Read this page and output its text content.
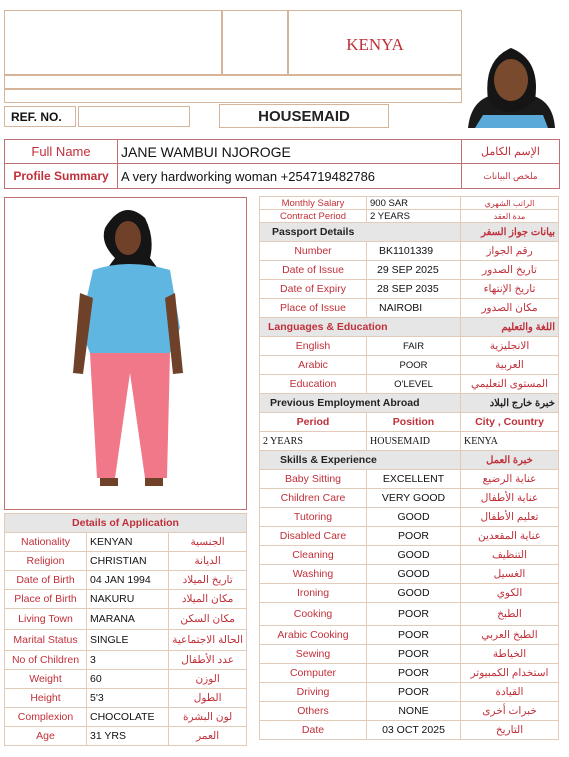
KENYA
REF. NO.	HOUSEMAID
Full Name	JANE WAMBUI NJOROGE	الإسم الكامل
Profile Summary	A very hardworking woman +254719482786	ملخص البيانات
Details of Application		
Nationality	KENYAN	الجنسية
Religion	CHRISTIAN	الديانة
Date of Birth	04 JAN 1994	تاريخ الميلاد
Place of Birth	NAKURU	مكان الميلاد
Living Town	MARANA	مكان السكن
Marital Status	SINGLE	الحالة الاجتماعية
No of Children	3	عدد الأطفال
Weight	60	الوزن
Height	5'3	الطول
Complexion	CHOCOLATE	لون البشرة
Age	31 YRS	العمر
Monthly Salary	900 SAR	الراتب الشهري
Contract Period	2 YEARS	مدة العقد
Passport Details		بيانات جواز السفر
Number	BK1101339	رقم الجواز
Date of Issue	29 SEP 2025	تاريخ الصدور
Date of Expiry	28 SEP 2035	تاريخ الإنتهاء
Place of Issue	NAIROBI	مكان الصدور
Languages & Education		اللغة والتعليم
English	FAIR	الانجليزية
Arabic	POOR	العربية
Education	O'LEVEL	المستوى التعليمي
Previous Employment Abroad		خبرة خارج البلاد
Period	Position	City , Country
2 YEARS	HOUSEMAID	KENYA
Skills & Experience		خبرة العمل
Baby Sitting	EXCELLENT	عناية الرضيع
Children Care	VERY GOOD	عناية الأطفال
Tutoring	GOOD	تعليم الأطفال
Disabled Care	POOR	عناية المقعدين
Cleaning	GOOD	التنظيف
Washing	GOOD	الغسيل
Ironing	GOOD	الكوي
Cooking	POOR	الطبخ
Arabic Cooking	POOR	الطبخ العربي
Sewing	POOR	الخياطة
Computer	POOR	استخدام الكمبيوتر
Driving	POOR	القيادة
Others	NONE	خبرات أخرى
Date	03 OCT 2025	التاريخ
